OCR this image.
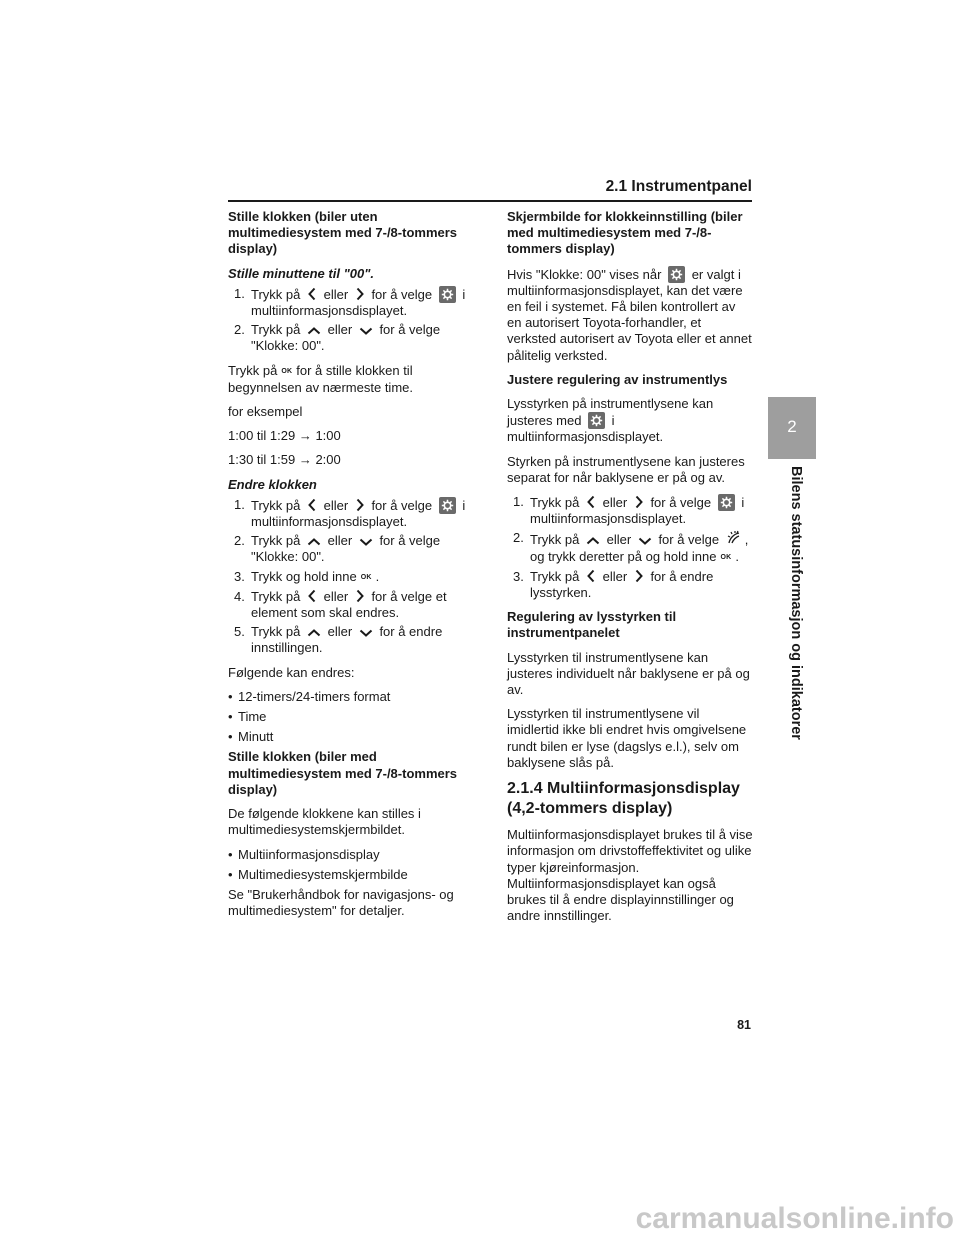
2.1 Instrumentpanel
Stille klokken (biler uten multimediesystem med 7-/8-tommers display)
Stille minuttene til "00".
1. Trykk på eller for å velge i multiinformasjonsdisplayet.
2. Trykk på eller for å velge "Klokke: 00".

Trykk på OK for å stille klokken til begynnelsen av nærmeste time.

for eksempel

1:00 til 1:29 → 1:00

1:30 til 1:59 → 2:00

Endre klokken
1. Trykk på eller for å velge i multiinformasjonsdisplayet.
2. Trykk på eller for å velge "Klokke: 00".
3. Trykk og hold inne OK .
4. Trykk på eller for å velge et element som skal endres.
5. Trykk på eller for å endre innstillingen.

Følgende kan endres:

• 12-timers/24-timers format
• Time
• Minutt
Stille klokken (biler med multimediesystem med 7-/8-tommers display)

De følgende klokkene kan stilles i multimediesystemskjermbildet.

• Multiinformasjonsdisplay
• Multimediesystemskjermbilde

Se "Brukerhåndbok for navigasjons- og multimediesystem" for detaljer.

Skjermbilde for klokkeinnstilling (biler med multimediesystem med 7-/8-tommers display)

Hvis "Klokke: 00" vises når er valgt i multiinformasjonsdisplayet, kan det være en feil i systemet. Få bilen kontrollert av en autorisert Toyota-forhandler, et verksted autorisert av Toyota eller et annet pålitelig verksted.

Justere regulering av instrumentlys

Lysstyrken på instrumentlysene kan justeres med i multiinformasjonsdisplayet.

Styrken på instrumentlysene kan justeres separat for når baklysene er på og av.

1. Trykk på eller for å velge i multiinformasjonsdisplayet.
2. Trykk på eller for å velge , og trykk deretter på og hold inne OK .
3. Trykk på eller for å endre lysstyrken.
Regulering av lysstyrken til instrumentpanelet

Lysstyrken til instrumentlysene kan justeres individuelt når baklysene er på og av.

Lysstyrken til instrumentlysene vil imidlertid ikke bli endret hvis omgivelsene rundt bilen er lyse (dagslys e.l.), selv om baklysene slås på.

2.1.4 Multiinformasjonsdisplay (4,2-tommers display)

Multiinformasjonsdisplayet brukes til å vise informasjon om drivstoffeffektivitet og ulike typer kjøreinformasjon. Multiinformasjonsdisplayet kan også brukes til å endre displayinnstillinger og andre innstillinger.

2
Bilens statusinformasjon og indikatorer
81
carmanualsonline.info
